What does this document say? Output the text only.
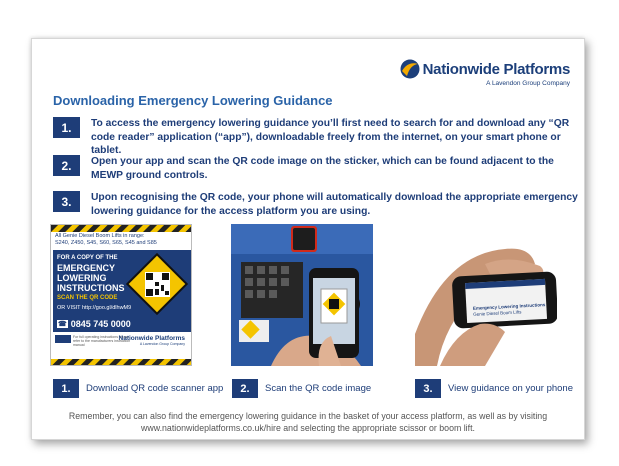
Nationwide Platforms
A Lavendon Group Company
Downloading Emergency Lowering Guidance
1.	To access the emergency lowering guidance you’ll first need to search for and download any “QR code reader” application (“app”), downloadable freely from the internet, on your smart phone or tablet.
2.	Open your app and scan the QR code image on the sticker, which can be found adjacent to the MEWP ground controls.
3.	Upon recognising the QR code, your phone will automatically download the appropriate emergency lowering guidance for the access platform you are using.
All Genie Diesel Boom Lifts in range:
S240, Z450, S45, S60, S65, S45 and S85
FOR A COPY OF THE
EMERGENCY
LOWERING
INSTRUCTIONS
SCAN THE QR CODE
OR VISIT http://goo.gl/dlhwM9
☎ 0845 745 0000
For full operating instructions please refer to the manufacturers instruction manual
Nationwide Platforms
A Lavendon Group Company
Emergency Lowering Instructions
Genie Diesel Boom Lifts
1.	Download QR code scanner app	2.	Scan the QR code image	3.	View guidance on your phone
Remember, you can also find the emergency lowering guidance in the basket of your access platform, as well as by visiting
www.nationwideplatforms.co.uk/hire and selecting the appropriate scissor or boom lift.
